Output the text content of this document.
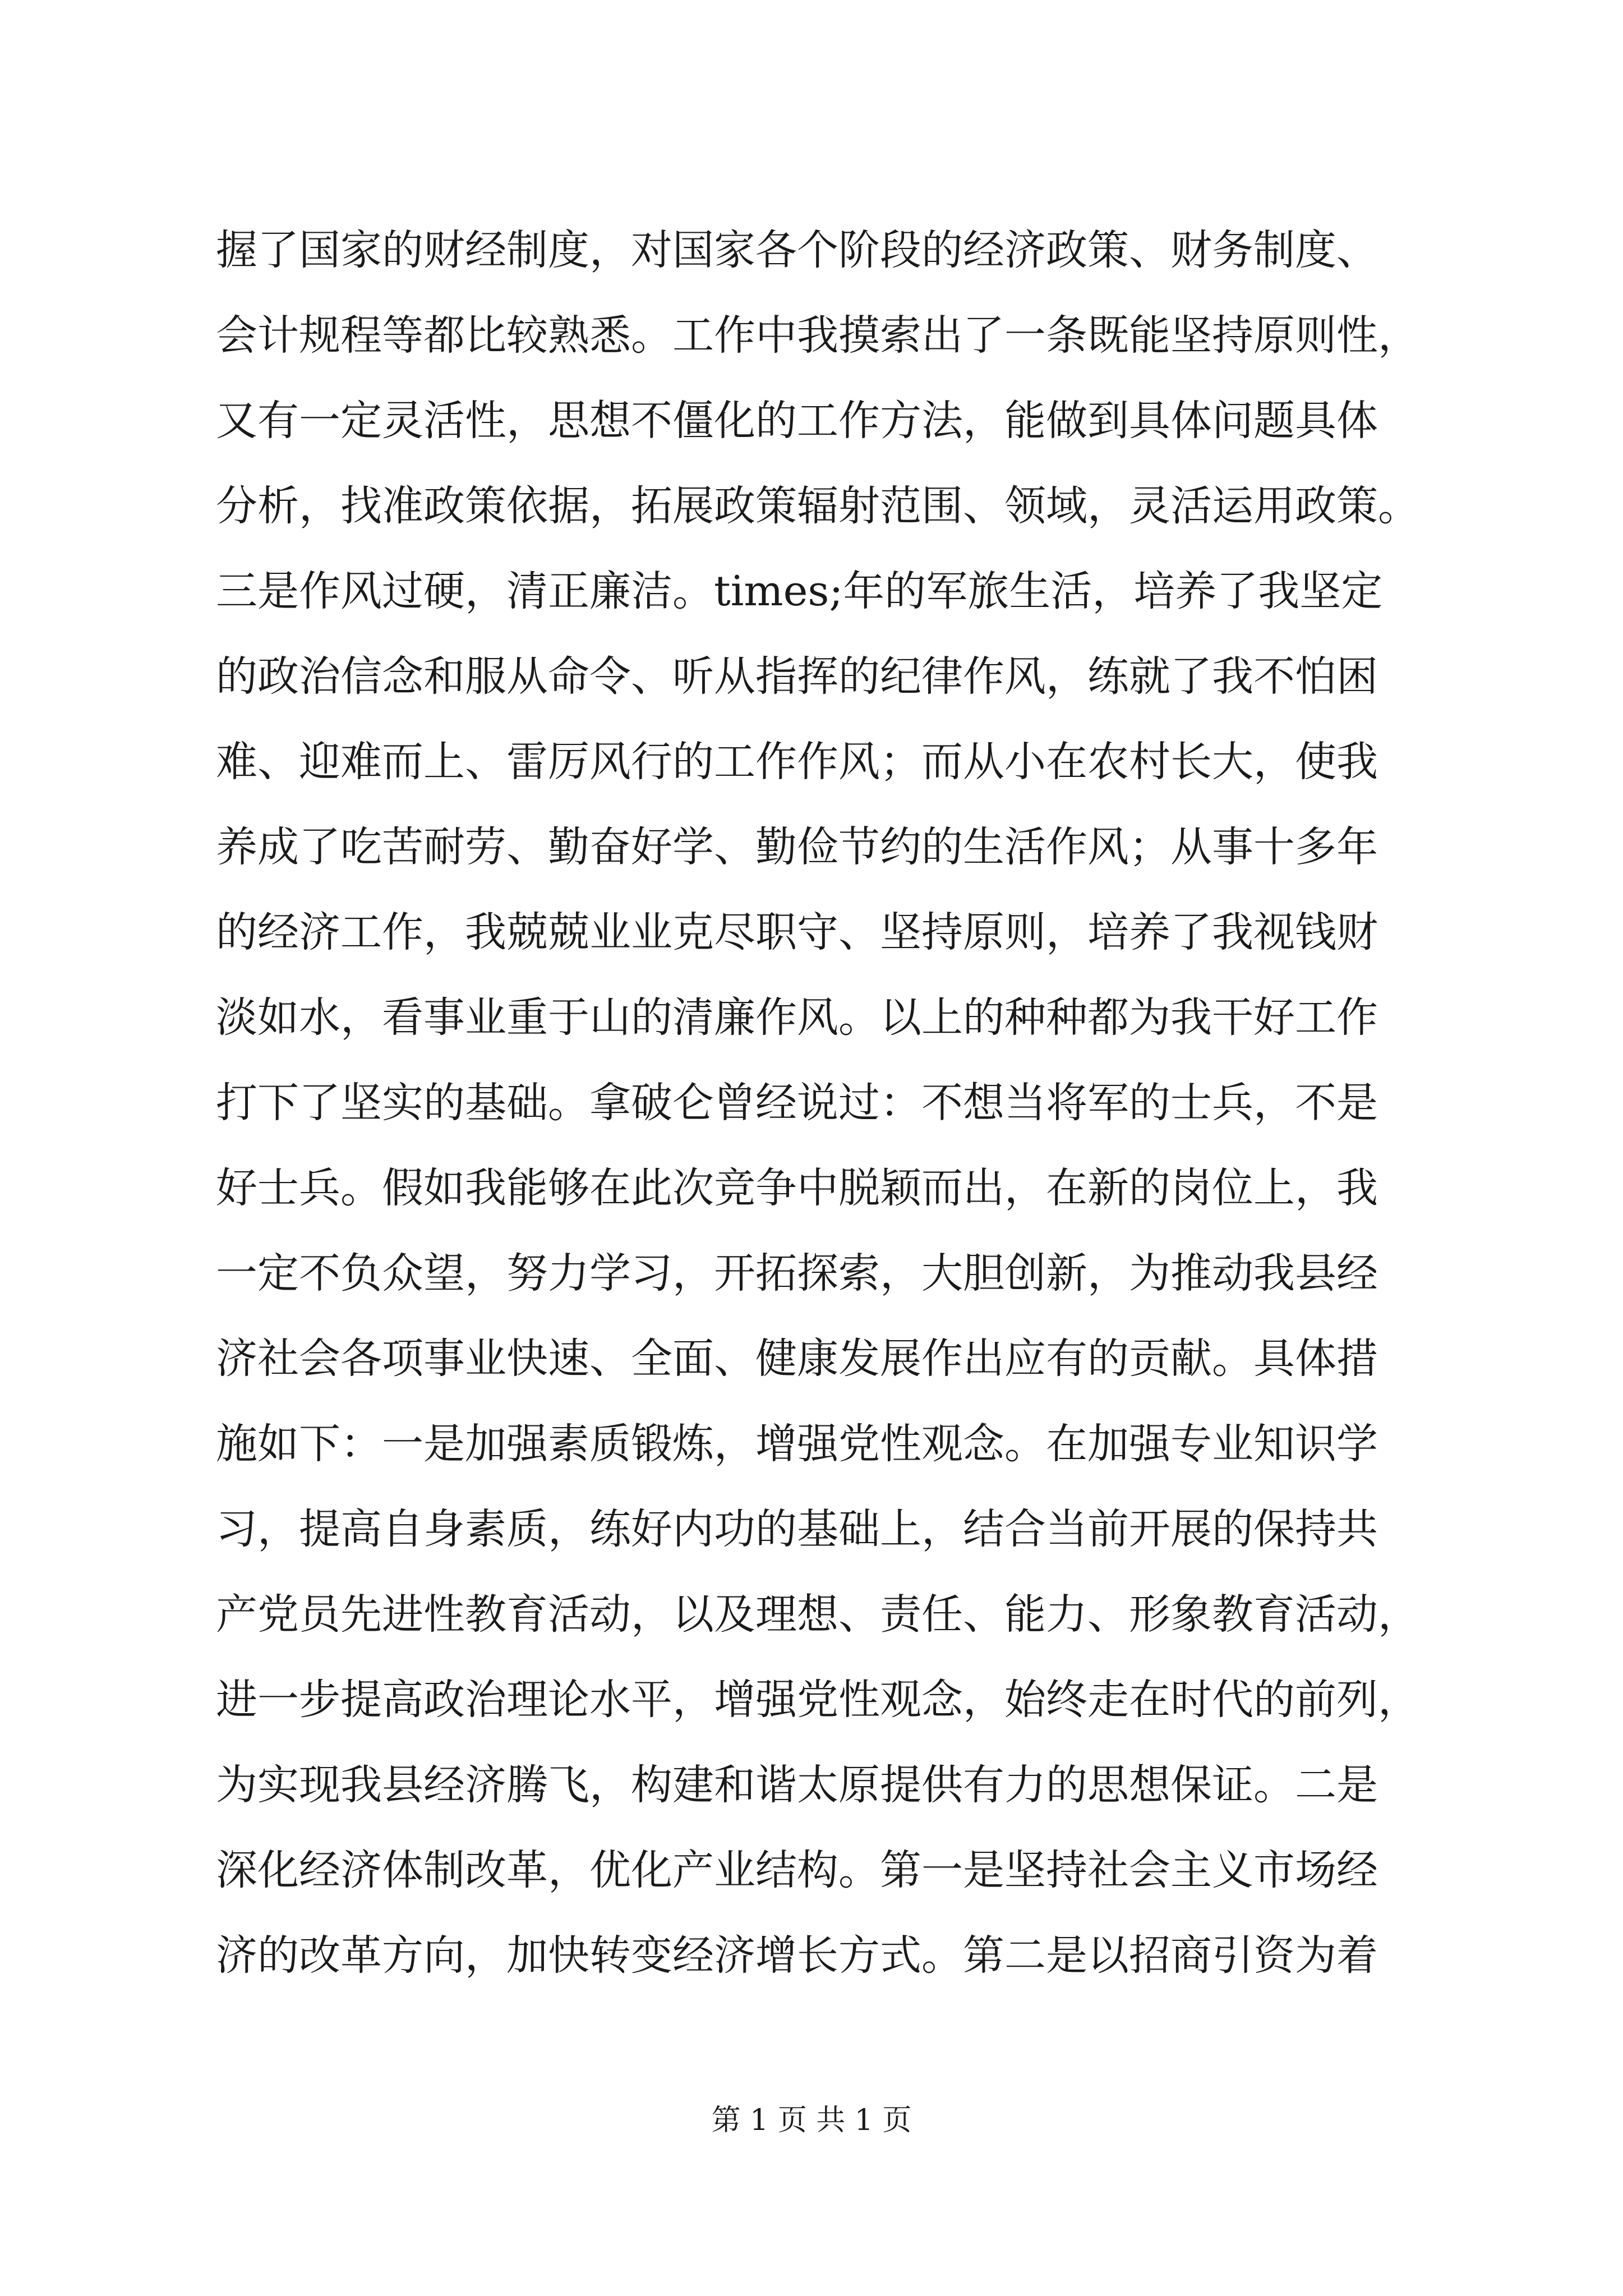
握了国家的财经制度，对国家各个阶段的经济政策、财务制度、
会计规程等都比较熟悉。工作中我摸索出了一条既能坚持原则性，
又有一定灵活性，思想不僵化的工作方法，能做到具体问题具体
分析，找准政策依据，拓展政策辐射范围、领域，灵活运用政策。
三是作风过硬，清正廉洁。times;年的军旅生活，培养了我坚定
的政治信念和服从命令、听从指挥的纪律作风，练就了我不怕困
难、迎难而上、雷厉风行的工作作风；而从小在农村长大，使我
养成了吃苦耐劳、勤奋好学、勤俭节约的生活作风；从事十多年
的经济工作，我兢兢业业克尽职守、坚持原则，培养了我视钱财
淡如水，看事业重于山的清廉作风。以上的种种都为我干好工作
打下了坚实的基础。拿破仑曾经说过：不想当将军的士兵，不是
好士兵。假如我能够在此次竞争中脱颖而出，在新的岗位上，我
一定不负众望，努力学习，开拓探索，大胆创新，为推动我县经
济社会各项事业快速、全面、健康发展作出应有的贡献。具体措
施如下：一是加强素质锻炼，增强党性观念。在加强专业知识学
习，提高自身素质，练好内功的基础上，结合当前开展的保持共
产党员先进性教育活动，以及理想、责任、能力、形象教育活动，
进一步提高政治理论水平，增强党性观念，始终走在时代的前列，
为实现我县经济腾飞，构建和谐太原提供有力的思想保证。二是
深化经济体制改革，优化产业结构。第一是坚持社会主义市场经
济的改革方向，加快转变经济增长方式。第二是以招商引资为着
第 1 页 共 1 页
